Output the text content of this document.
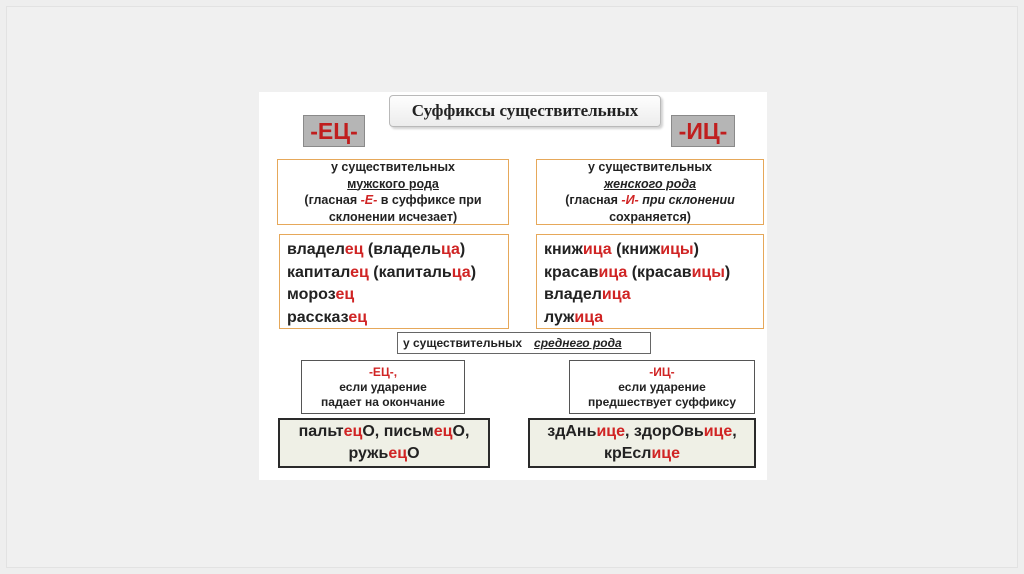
Суффиксы существительных
-ЕЦ-	-ИЦ-
у существительных
мужского рода
(гласная -Е- в суффиксе при
склонении исчезает)
у существительных
женского рода
(гласная -И- при склонении
сохраняется)
владелец (владельца)
капиталец (капитальца)
морозец
рассказец
книжица (книжицы)
красавица (красавицы)
владелица
лужица
у существительных среднего рода
-ЕЦ-,
если ударение
падает на окончание
-ИЦ-
если ударение
предшествует суффиксу
пальтецО, письмецО,
ружьецО
здАньице, здорОвьице,
крЕслице
